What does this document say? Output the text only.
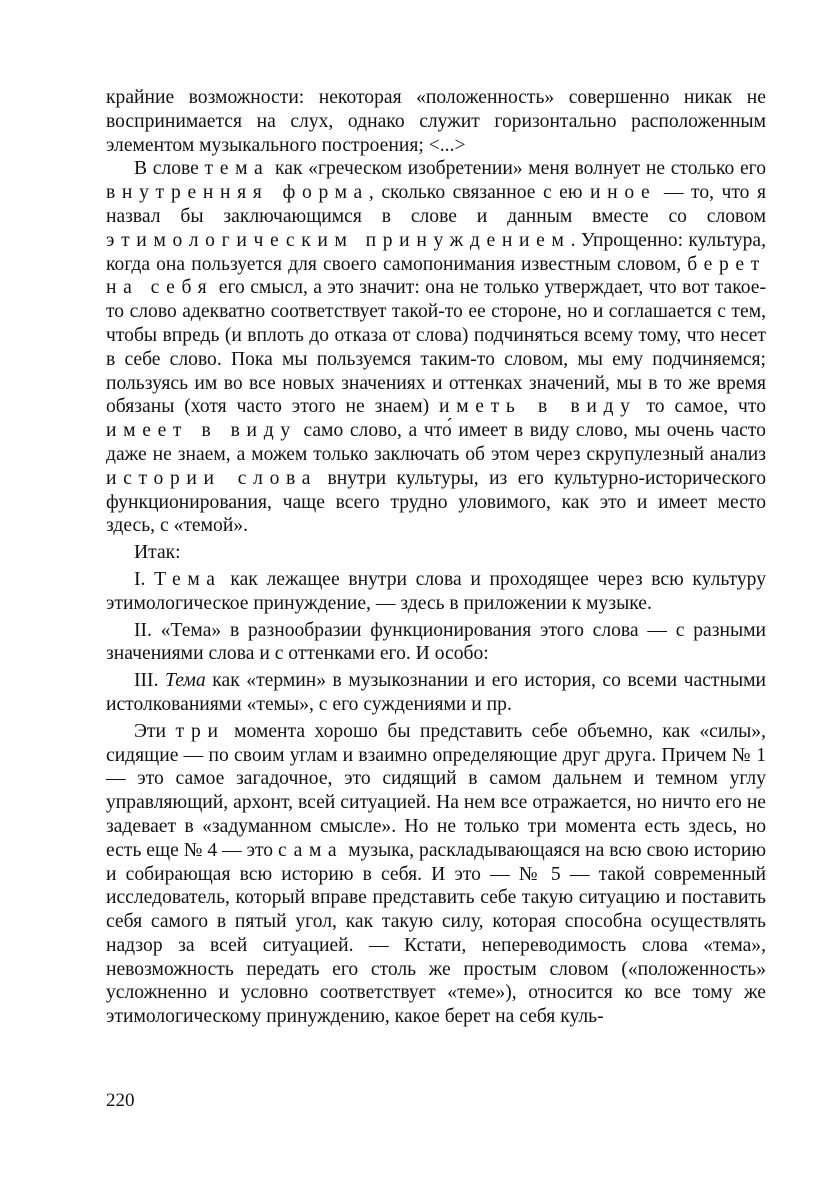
крайние возможности: некоторая «положенность» совершенно никак не воспринимается на слух, однако служит горизонтально расположенным элементом музыкального построения; <...>

В слове тема как «греческом изобретении» меня волнует не столько его внутренняя форма, сколько связанное с ею иное — то, что я назвал бы заключающимся в слове и данным вместе со словом этимологическим принуждением. Упрощенно: культура, когда она пользуется для своего самопонимания известным словом, берет на себя его смысл, а это значит: она не только утверждает, что вот такое-то слово адекватно соответствует такой-то ее стороне, но и соглашается с тем, чтобы впредь (и вплоть до отказа от слова) подчиняться всему тому, что несет в себе слово. Пока мы пользуемся таким-то словом, мы ему подчиняемся; пользуясь им во все новых значениях и оттенках значений, мы в то же время обязаны (хотя часто этого не знаем) иметь в виду то самое, что имеет в виду само слово, а что́ имеет в виду слово, мы очень часто даже не знаем, а можем только заключать об этом через скрупулезный анализ истории слова внутри культуры, из его культурно-исторического функционирования, чаще всего трудно уловимого, как это и имеет место здесь, с «темой».

Итак:

I. Тема как лежащее внутри слова и проходящее через всю культуру этимологическое принуждение, — здесь в приложении к музыке.

II. «Тема» в разнообразии функционирования этого слова — с разными значениями слова и с оттенками его. И особо:

III. Тема как «термин» в музыкознании и его история, со всеми частными истолкованиями «темы», с его суждениями и пр.

Эти три момента хорошо бы представить себе объемно, как «силы», сидящие — по своим углам и взаимно определяющие друг друга. Причем № 1 — это самое загадочное, это сидящий в самом дальнем и темном углу управляющий, архонт, всей ситуацией. На нем все отражается, но ничто его не задевает в «задуманном смысле». Но не только три момента есть здесь, но есть еще № 4 — это сама музыка, раскладывающаяся на всю свою историю и собирающая всю историю в себя. И это — № 5 — такой современный исследователь, который вправе представить себе такую ситуацию и поставить себя самого в пятый угол, как такую силу, которая способна осуществлять надзор за всей ситуацией. — Кстати, непереводимость слова «тема», невозможность передать его столь же простым словом («положенность» усложненно и условно соответствует «теме»), относится ко все тому же этимологическому принуждению, какое берет на себя куль-

220
